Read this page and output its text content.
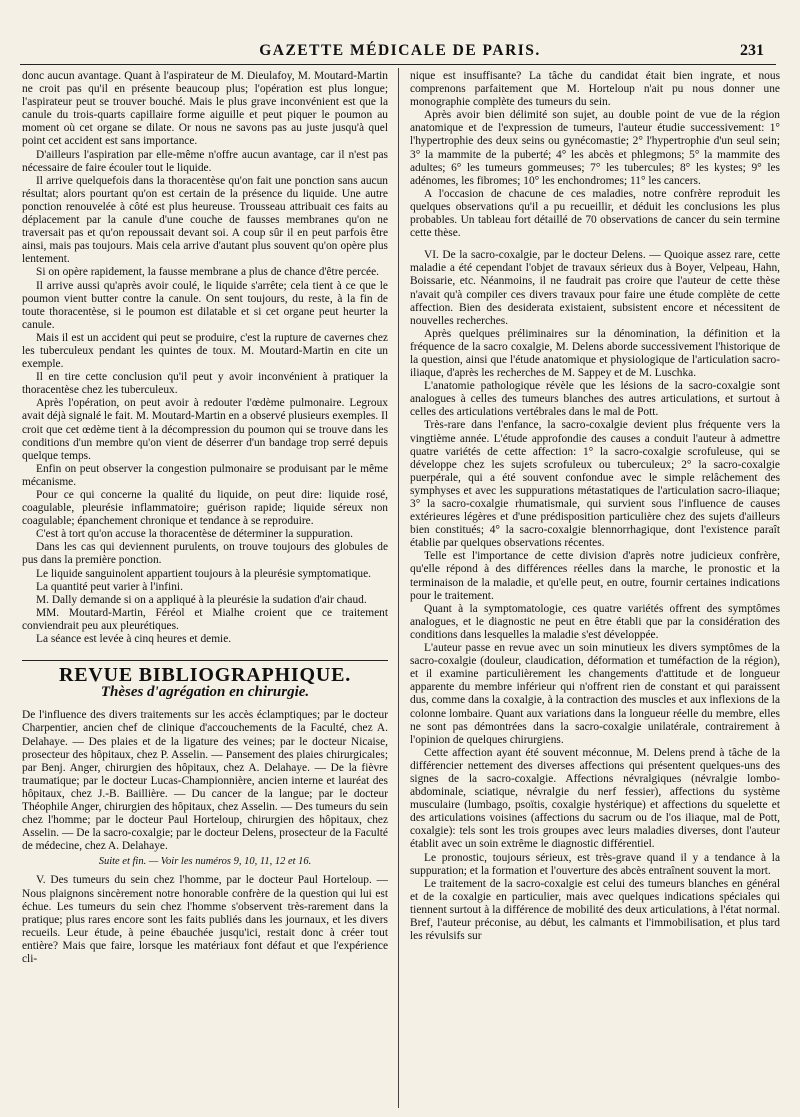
GAZETTE MÉDICALE DE PARIS.	231

donc aucun avantage. Quant à l'aspirateur de M. Dieulafoy, M. Moutard-Martin ne croit pas qu'il en présente beaucoup plus; l'opération est plus longue; l'aspirateur peut se trouver bouché. Mais le plus grave inconvénient est que la canule du trois-quarts capillaire forme aiguille et peut piquer le poumon au moment où cet organe se dilate. Or nous ne savons pas au juste jusqu'à quel point cet accident est sans importance.

D'ailleurs l'aspiration par elle-même n'offre aucun avantage, car il n'est pas nécessaire de faire écouler tout le liquide.

Il arrive quelquefois dans la thoracentèse qu'on fait une ponction sans aucun résultat; alors pourtant qu'on est certain de la présence du liquide. Une autre ponction renouvelée à côté est plus heureuse. Trousseau attribuait ces faits au déplacement par la canule d'une couche de fausses membranes qu'on ne traversait pas et qu'on repoussait devant soi. A coup sûr il en peut parfois être ainsi, mais pas toujours. Mais cela arrive d'autant plus souvent qu'on opère plus lentement.

Si on opère rapidement, la fausse membrane a plus de chance d'être percée.

Il arrive aussi qu'après avoir coulé, le liquide s'arrête; cela tient à ce que le poumon vient butter contre la canule. On sent toujours, du reste, à la fin de toute thoracentèse, si le poumon est dilatable et si cet organe peut heurter la canule.

Mais il est un accident qui peut se produire, c'est la rupture de cavernes chez les tuberculeux pendant les quintes de toux. M. Moutard-Martin en cite un exemple.

Il en tire cette conclusion qu'il peut y avoir inconvénient à pratiquer la thoracentèse chez les tuberculeux.

Après l'opération, on peut avoir à redouter l'œdème pulmonaire. Legroux avait déjà signalé le fait. M. Moutard-Martin en a observé plusieurs exemples. Il croit que cet œdème tient à la décompression du poumon qui se trouve dans les conditions d'un membre qu'on vient de déserrer d'un bandage trop serré depuis quelque temps.

Enfin on peut observer la congestion pulmonaire se produisant par le même mécanisme.

Pour ce qui concerne la qualité du liquide, on peut dire: liquide rosé, coagulable, pleurésie inflammatoire; guérison rapide; liquide séreux non coagulable; épanchement chronique et tendance à se reproduire.

C'est à tort qu'on accuse la thoracentèse de déterminer la suppuration.

Dans les cas qui deviennent purulents, on trouve toujours des globules de pus dans la première ponction.

Le liquide sanguinolent appartient toujours à la pleurésie symptomatique.

La quantité peut varier à l'infini.

M. Dally demande si on a appliqué à la pleurésie la sudation d'air chaud.

MM. Moutard-Martin, Féréol et Mialhe croient que ce traitement conviendrait peu aux pleurétiques.

La séance est levée à cinq heures et demie.

REVUE BIBLIOGRAPHIQUE.
Thèses d'agrégation en chirurgie.

De l'influence des divers traitements sur les accès éclamptiques; par le docteur Charpentier, ancien chef de clinique d'accouchements de la Faculté, chez A. Delahaye. — Des plaies et de la ligature des veines; par le docteur Nicaise, prosecteur des hôpitaux, chez P. Asselin. — Pansement des plaies chirurgicales; par Benj. Anger, chirurgien des hôpitaux, chez A. Delahaye. — De la fièvre traumatique; par le docteur Lucas-Championnière, ancien interne et lauréat des hôpitaux, chez J.-B. Baillière. — Du cancer de la langue; par le docteur Théophile Anger, chirurgien des hôpitaux, chez Asselin. — Des tumeurs du sein chez l'homme; par le docteur Paul Horteloup, chirurgien des hôpitaux, chez Asselin. — De la sacro-coxalgie; par le docteur Delens, prosecteur de la Faculté de médecine, chez A. Delahaye.

Suite et fin. — Voir les numéros 9, 10, 11, 12 et 16.

V. Des tumeurs du sein chez l'homme, par le docteur Paul Horteloup. — Nous plaignons sincèrement notre honorable confrère de la question qui lui est échue. Les tumeurs du sein chez l'homme s'observent très-rarement dans la pratique; plus rares encore sont les faits publiés dans les journaux, et les divers recueils. Leur étude, à peine ébauchée jusqu'ici, restait donc à créer tout entière? Mais que faire, lorsque les matériaux font défaut et que l'expérience cli-

nique est insuffisante? La tâche du candidat était bien ingrate, et nous comprenons parfaitement que M. Horteloup n'ait pu nous donner une monographie complète des tumeurs du sein.

Après avoir bien délimité son sujet, au double point de vue de la région anatomique et de l'expression de tumeurs, l'auteur étudie successivement: 1° l'hypertrophie des deux seins ou gynécomastie; 2° l'hypertrophie d'un seul sein; 3° la mammite de la puberté; 4° les abcès et phlegmons; 5° la mammite des adultes; 6° les tumeurs gommeuses; 7° les tubercules; 8° les kystes; 9° les adénomes, les fibromes; 10° les enchondromes; 11° les cancers.

A l'occasion de chacune de ces maladies, notre confrère reproduit les quelques observations qu'il a pu recueillir, et déduit les conclusions les plus probables. Un tableau fort détaillé de 70 observations de cancer du sein termine cette thèse.

VI. De la sacro-coxalgie, par le docteur Delens. — Quoique assez rare, cette maladie a été cependant l'objet de travaux sérieux dus à Boyer, Velpeau, Hahn, Boissarie, etc. Néanmoins, il ne faudrait pas croire que l'auteur de cette thèse n'avait qu'à compiler ces divers travaux pour faire une étude complète de cette affection. Bien des desiderata existaient, subsistent encore et nécessitent de nouvelles recherches.

Après quelques préliminaires sur la dénomination, la définition et la fréquence de la sacro coxalgie, M. Delens aborde successivement l'historique de la question, ainsi que l'étude anatomique et physiologique de l'articulation sacro-iliaque, d'après les recherches de M. Sappey et de M. Luschka.

L'anatomie pathologique révèle que les lésions de la sacro-coxalgie sont analogues à celles des tumeurs blanches des autres articulations, et surtout à celles des articulations vertébrales dans le mal de Pott.

Très-rare dans l'enfance, la sacro-coxalgie devient plus fréquente vers la vingtième année. L'étude approfondie des causes a conduit l'auteur à admettre quatre variétés de cette affection: 1° la sacro-coxalgie scrofuleuse, qui se développe chez les sujets scrofuleux ou tuberculeux; 2° la sacro-coxalgie puerpérale, qui a été souvent confondue avec le simple relâchement des symphyses et avec les suppurations métastatiques de l'articulation sacro-iliaque; 3° la sacro-coxalgie rhumatismale, qui survient sous l'influence de causes extérieures légères et d'une prédisposition particulière chez des sujets d'ailleurs bien constitués; 4° la sacro-coxalgie blennorrhagique, dont l'existence paraît établie par quelques observations récentes.

Telle est l'importance de cette division d'après notre judicieux confrère, qu'elle répond à des différences réelles dans la marche, le pronostic et la terminaison de la maladie, et qu'elle peut, en outre, fournir certaines indications pour le traitement.

Quant à la symptomatologie, ces quatre variétés offrent des symptômes analogues, et le diagnostic ne peut en être établi que par la considération des conditions dans lesquelles la maladie s'est développée.

L'auteur passe en revue avec un soin minutieux les divers symptômes de la sacro-coxalgie (douleur, claudication, déformation et tuméfaction de la région), et il examine particulièrement les changements d'attitude et de longueur apparente du membre inférieur qui n'offrent rien de constant et qui paraissent dus, comme dans la coxalgie, à la contraction des muscles et aux inflexions de la colonne lombaire. Quant aux variations dans la longueur réelle du membre, elles ne sont pas démontrées dans la sacro-coxalgie unilatérale, contrairement à l'opinion de quelques chirurgiens.

Cette affection ayant été souvent méconnue, M. Delens prend à tâche de la différencier nettement des diverses affections qui présentent quelques-uns des signes de la sacro-coxalgie. Affections névralgiques (névralgie lombo-abdominale, sciatique, névralgie du nerf fessier), affections du système musculaire (lumbago, psoïtis, coxalgie hystérique) et affections du squelette et des articulations voisines (affections du sacrum ou de l'os iliaque, mal de Pott, coxalgie): tels sont les trois groupes avec leurs maladies diverses, dont l'auteur établit avec un soin extrême le diagnostic différentiel.

Le pronostic, toujours sérieux, est très-grave quand il y a tendance à la suppuration; et la formation et l'ouverture des abcès entraînent souvent la mort.

Le traitement de la sacro-coxalgie est celui des tumeurs blanches en général et de la coxalgie en particulier, mais avec quelques indications spéciales qui tiennent surtout à la différence de mobilité des deux articulations, à l'état normal. Bref, l'auteur préconise, au début, les calmants et l'immobilisation, et plus tard les révulsifs sur
